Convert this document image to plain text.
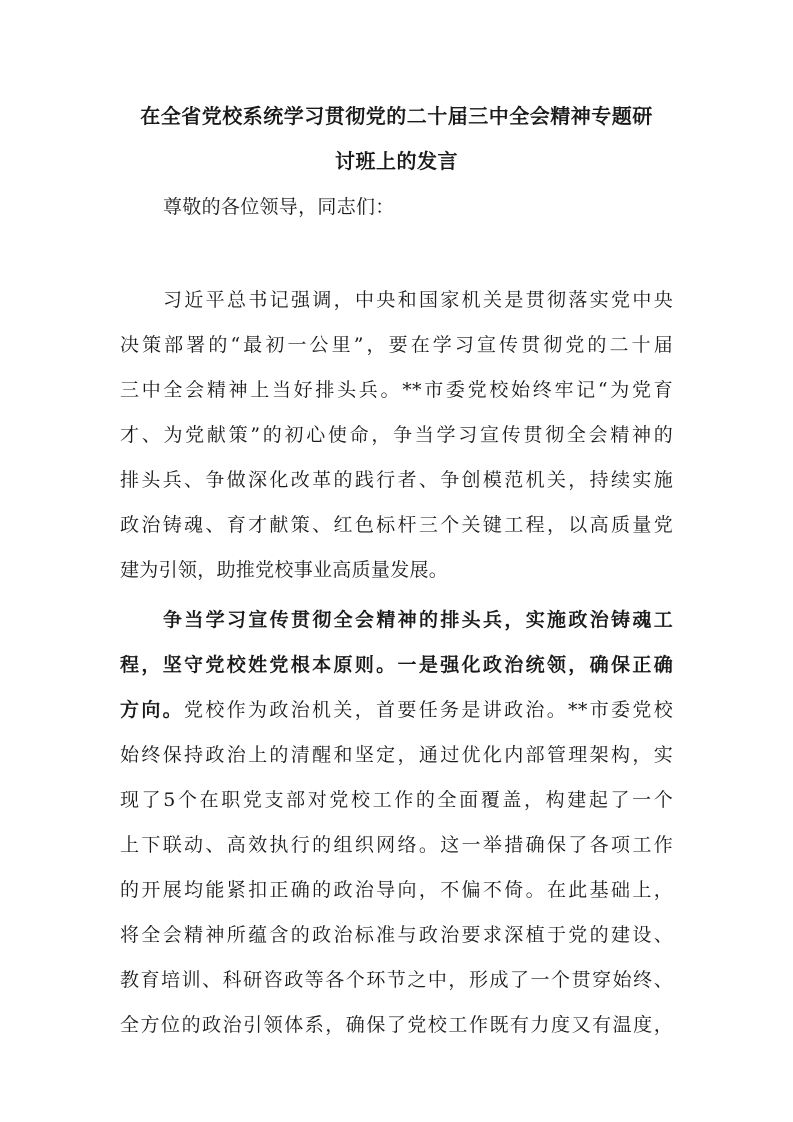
在全省党校系统学习贯彻党的二十届三中全会精神专题研
讨班上的发言
尊敬的各位领导，同志们：
习近平总书记强调，中央和国家机关是贯彻落实党中央
决策部署的“最初一公里”，要在学习宣传贯彻党的二十届
三中全会精神上当好排头兵。**市委党校始终牢记“为党育
才、为党献策”的初心使命，争当学习宣传贯彻全会精神的
排头兵、争做深化改革的践行者、争创模范机关，持续实施
政治铸魂、育才献策、红色标杆三个关键工程，以高质量党
建为引领，助推党校事业高质量发展。
争当学习宣传贯彻全会精神的排头兵，实施政治铸魂工
程，坚守党校姓党根本原则。一是强化政治统领，确保正确
方向。党校作为政治机关，首要任务是讲政治。**市委党校
始终保持政治上的清醒和坚定，通过优化内部管理架构，实
现了5个在职党支部对党校工作的全面覆盖，构建起了一个
上下联动、高效执行的组织网络。这一举措确保了各项工作
的开展均能紧扣正确的政治导向，不偏不倚。在此基础上，
将全会精神所蕴含的政治标准与政治要求深植于党的建设、
教育培训、科研咨政等各个环节之中，形成了一个贯穿始终、
全方位的政治引领体系，确保了党校工作既有力度又有温度，
